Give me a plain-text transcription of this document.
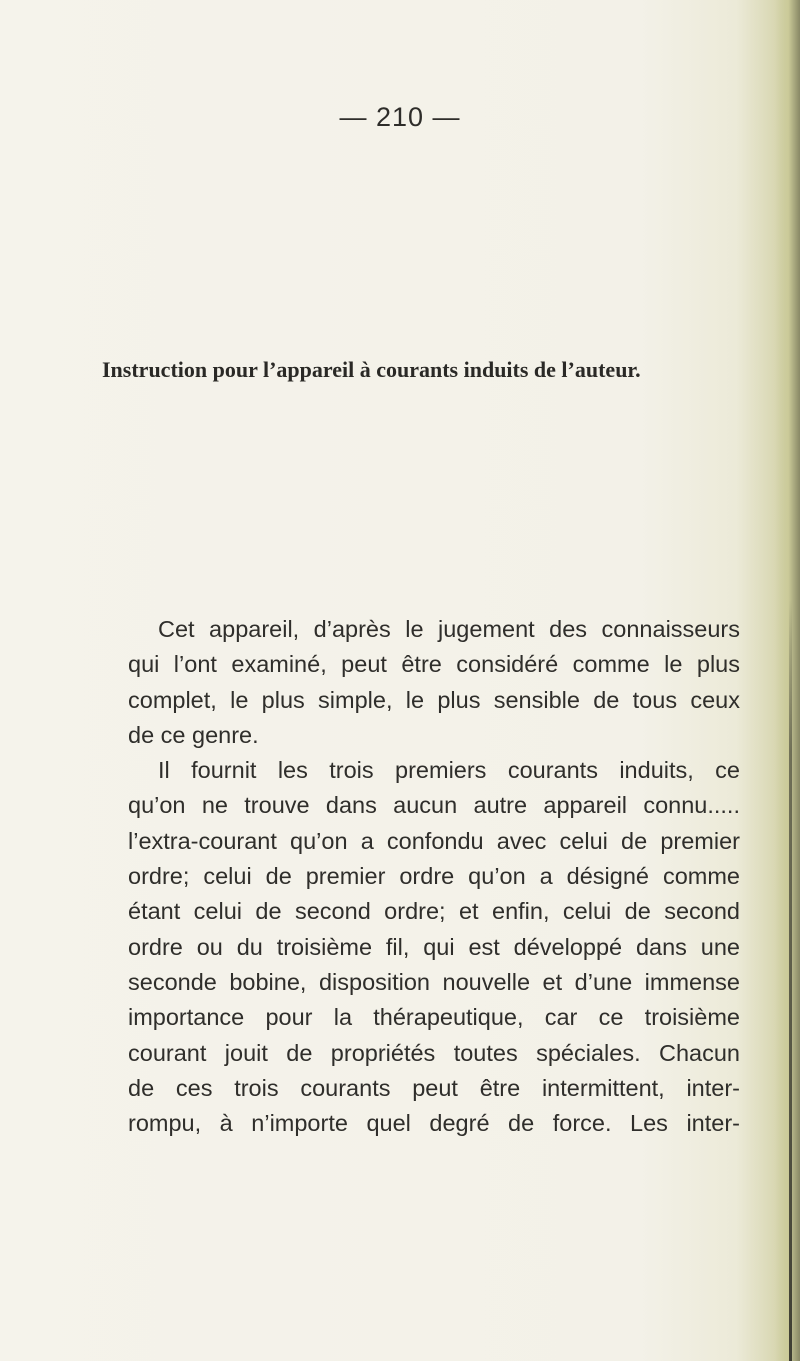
— 210 —
Instruction pour l’appareil à courants induits de l’auteur.
Cet appareil, d’après le jugement des connaisseurs
qui l’ont examiné, peut être considéré comme le plus
complet, le plus simple, le plus sensible de tous ceux
de ce genre.
Il fournit les trois premiers courants induits, ce
qu’on ne trouve dans aucun autre appareil connu.....
l’extra-courant qu’on a confondu avec celui de premier
ordre; celui de premier ordre qu’on a désigné comme
étant celui de second ordre; et enfin, celui de second
ordre ou du troisième fil, qui est développé dans une
seconde bobine, disposition nouvelle et d’une immense
importance pour la thérapeutique, car ce troisième
courant jouit de propriétés toutes spéciales. Chacun
de ces trois courants peut être intermittent, inter-
rompu, à n’importe quel degré de force. Les inter-
